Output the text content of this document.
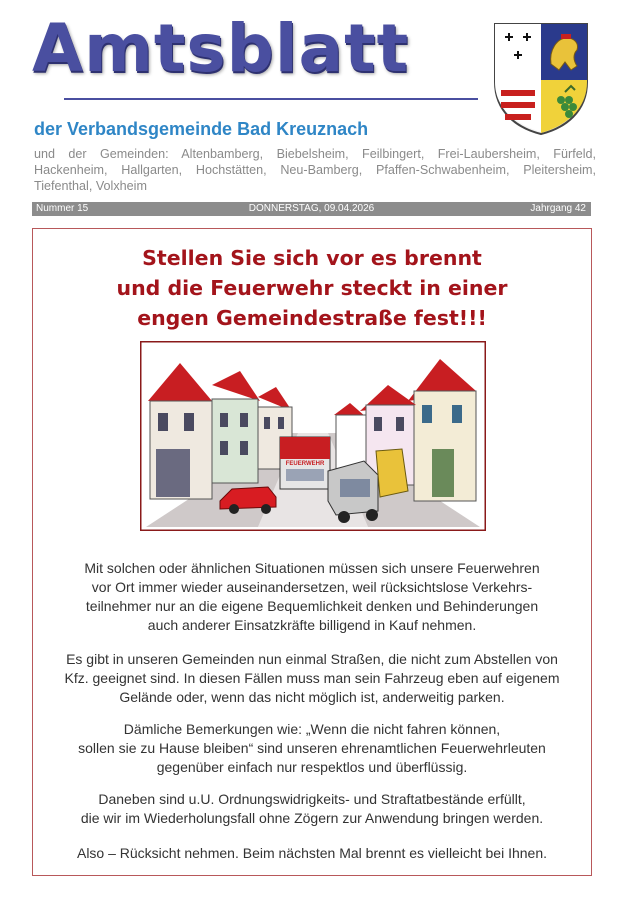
Amtsblatt
der Verbandsgemeinde Bad Kreuznach
und der Gemeinden: Altenbamberg, Biebelsheim, Feilbingert, Frei-Laubersheim, Fürfeld, Hackenheim, Hallgarten, Hochstätten, Neu-Bamberg, Pfaffen-Schwabenheim, Pleitersheim, Tiefenthal, Volxheim
Nummer 15	DONNERSTAG, 09.04.2026	Jahrgang 42
Stellen Sie sich vor es brennt
und die Feuerwehr steckt in einer
engen Gemeindestraße fest!!!
FEUERWEHR
Mit solchen oder ähnlichen Situationen müssen sich unsere Feuerwehren
vor Ort immer wieder auseinandersetzen, weil rücksichtslose Verkehrs-
teilnehmer nur an die eigene Bequemlichkeit denken und Behinderungen
auch anderer Einsatzkräfte billigend in Kauf nehmen.
Es gibt in unseren Gemeinden nun einmal Straßen, die nicht zum Abstellen von
Kfz. geeignet sind. In diesen Fällen muss man sein Fahrzeug eben auf eigenem
Gelände oder, wenn das nicht möglich ist, anderweitig parken.
Dämliche Bemerkungen wie: „Wenn die nicht fahren können,
sollen sie zu Hause bleiben“ sind unseren ehrenamtlichen Feuerwehrleuten
gegenüber einfach nur respektlos und überflüssig.
Daneben sind u.U. Ordnungswidrigkeits- und Straftatbestände erfüllt,
die wir im Wiederholungsfall ohne Zögern zur Anwendung bringen werden.
Also – Rücksicht nehmen. Beim nächsten Mal brennt es vielleicht bei Ihnen.
